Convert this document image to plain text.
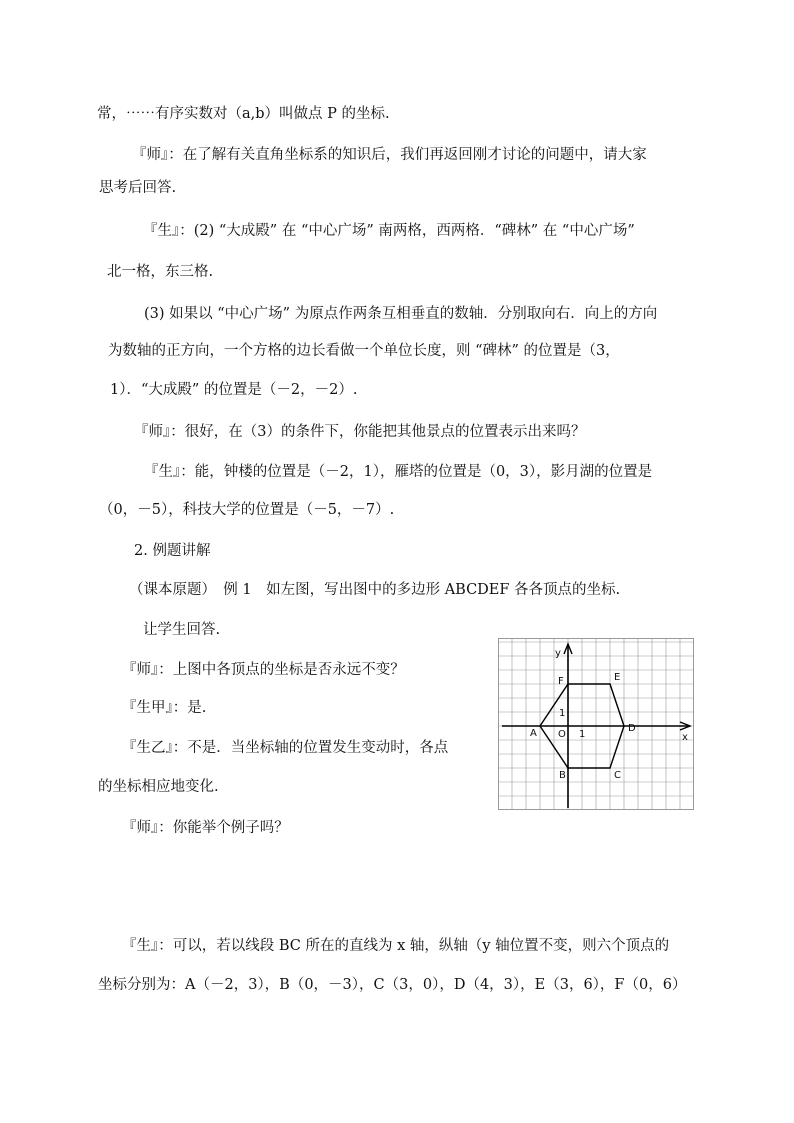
常，⋯⋯有序实数对（a,b）叫做点 P 的坐标.
『师』：在了解有关直角坐标系的知识后，我们再返回刚才讨论的问题中，请大家
思考后回答.
『生』：(2) “大成殿” 在 “中心广场” 南两格，西两格．“碑林” 在 “中心广场”
北一格，东三格.
(3) 如果以 “中心广场” 为原点作两条互相垂直的数轴．分别取向右．向上的方向
为数轴的正方向，一个方格的边长看做一个单位长度，则 “碑林” 的位置是（3，
1）．“大成殿” 的位置是（－2，－2）.
『师』：很好，在（3）的条件下，你能把其他景点的位置表示出来吗？
『生』：能，钟楼的位置是（－2，1），雁塔的位置是（0，3），影月湖的位置是
（0，－5），科技大学的位置是（－5，－7）.
2. 例题讲解
（课本原题）　例 1　如左图，写出图中的多边形 ABCDEF 各各顶点的坐标.
让学生回答.
『师』：上图中各顶点的坐标是否永远不变？
『生甲』：是.
『生乙』：不是．当坐标轴的位置发生变动时，各点
的坐标相应地变化.
『师』：你能举个例子吗？
『生』：可以，若以线段 BC 所在的直线为 x 轴，纵轴（y 轴位置不变，则六个顶点的
坐标分别为：A（－2，3），B（0，－3），C（3，0），D（4，3），E（3，6），F（0，6）
A
B	C
D
E
F
x
y
O 1
1
